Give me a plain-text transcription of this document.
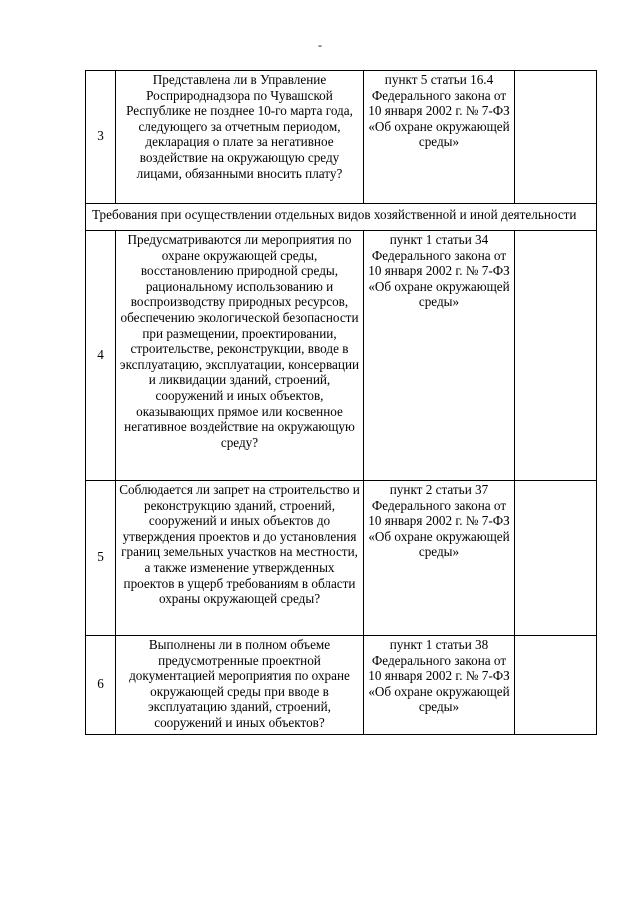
-
3	Представлена ли в Управление Росприроднадзора по Чувашской Республике не позднее 10-го марта года, следующего за отчетным периодом, декларация о плате за негативное воздействие на окружающую среду лицами, обязанными вносить плату?	пункт 5 статьи 16.4 Федерального закона от 10 января 2002 г. № 7-ФЗ «Об охране окружающей среды»	
Требования при осуществлении отдельных видов хозяйственной и иной деятельности			
4	Предусматриваются ли мероприятия по охране окружающей среды, восстановлению природной среды, рациональному использованию и воспроизводству природных ресурсов, обеспечению экологической безопасности при размещении, проектировании, строительстве, реконструкции, вводе в эксплуатацию, эксплуатации, консервации и ликвидации зданий, строений, сооружений и иных объектов, оказывающих прямое или косвенное негативное воздействие на окружающую среду?	пункт 1 статьи 34 Федерального закона от 10 января 2002 г. № 7-ФЗ «Об охране окружающей среды»	
5	Соблюдается ли запрет на строительство и реконструкцию зданий, строений, сооружений и иных объектов до утверждения проектов и до установления границ земельных участков на местности, а также изменение утвержденных проектов в ущерб требованиям в области охраны окружающей среды?	пункт 2 статьи 37 Федерального закона от 10 января 2002 г. № 7-ФЗ «Об охране окружающей среды»	
6	Выполнены ли в полном объеме предусмотренные проектной документацией мероприятия по охране окружающей среды при вводе в эксплуатацию зданий, строений, сооружений и иных объектов?	пункт 1 статьи 38 Федерального закона от 10 января 2002 г. № 7-ФЗ «Об охране окружающей среды»	
